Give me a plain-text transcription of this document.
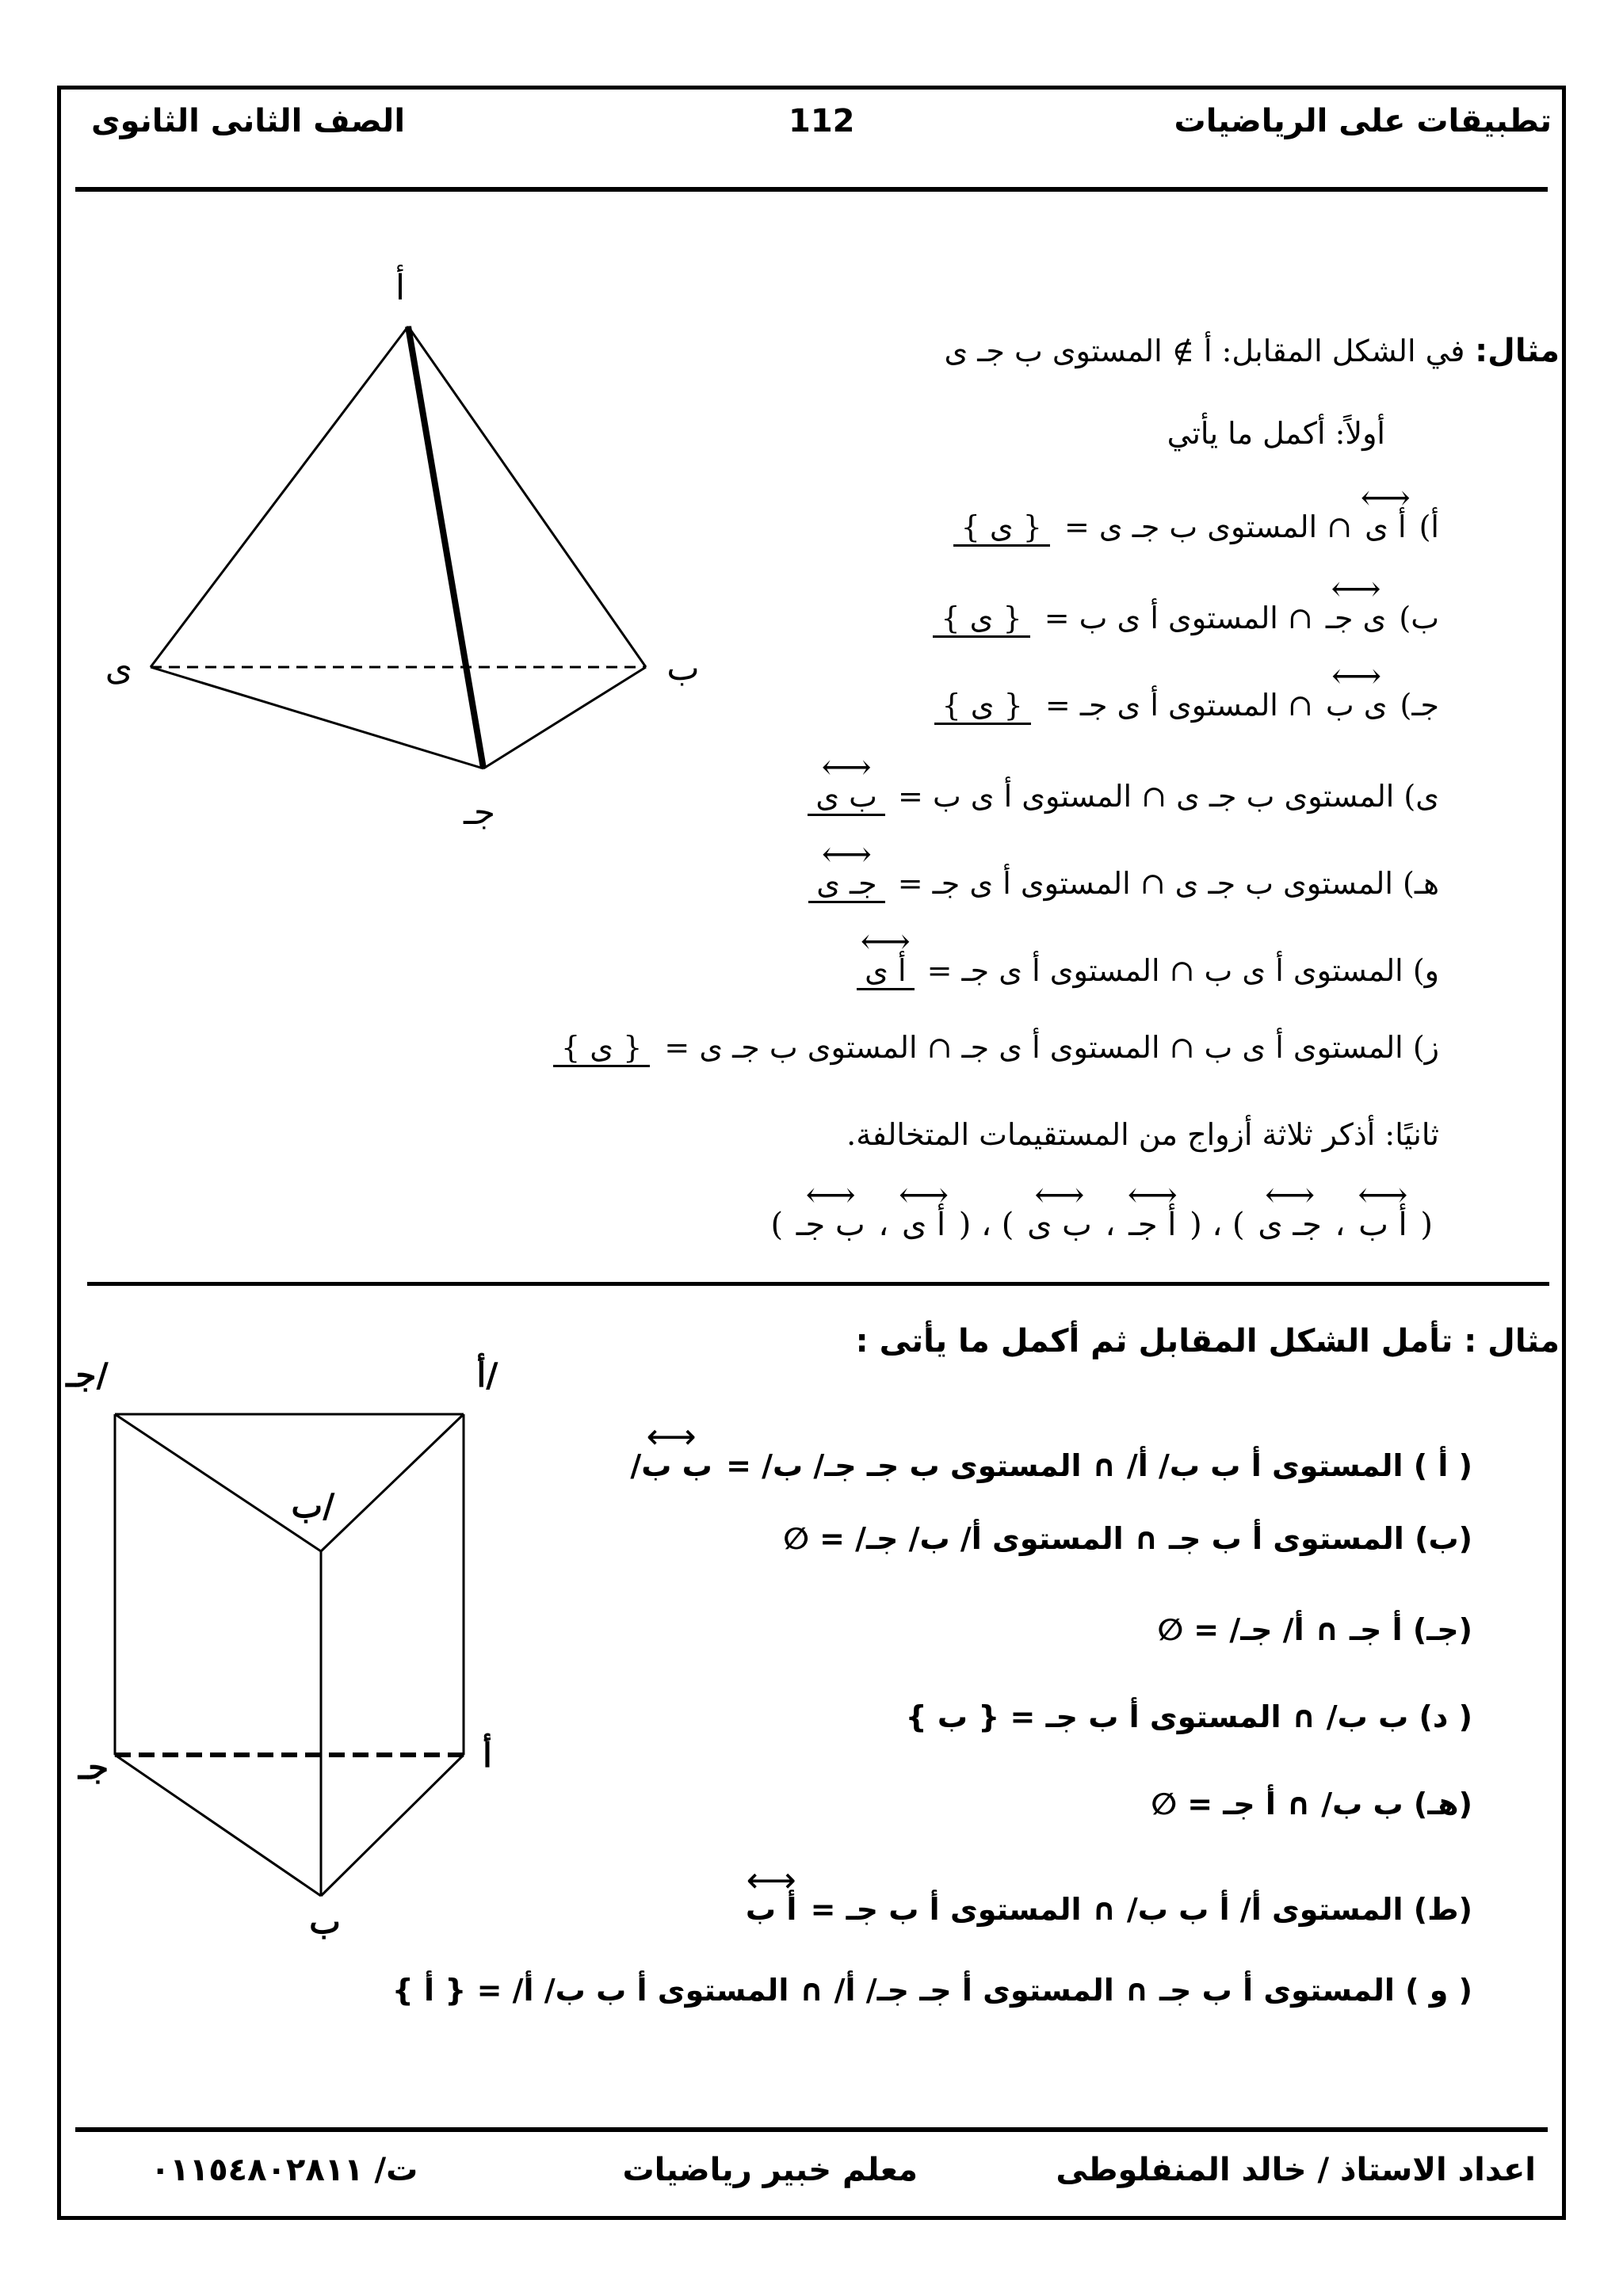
تطبيقات على الرياضيات
112
الصف الثانى الثانوى
أ
ى	ب
جـ
مثال: في الشكل المقابل: أ ∌ المستوى ب جـ ى
أولاً: أكمل ما يأتي
أ) ⟷ أ ى ∩ المستوى ب جـ ى = { ى }
ب) ⟷ ى جـ ∩ المستوى أ ى ب = { ى }
جـ) ⟷ ى ب ∩ المستوى أ ى جـ = { ى }
ى) المستوى ب جـ ى ∩ المستوى أ ى ب = ⟷ ب ى
هـ) المستوى ب جـ ى ∩ المستوى أ ى جـ = ⟷ جـ ى
و) المستوى أ ى ب ∩ المستوى أ ى جـ = ⟷ أ ى
ز) المستوى أ ى ب ∩ المستوى أ ى جـ ∩ المستوى ب جـ ى = { ى }
ثانيًا: أذكر ثلاثة أزواج من المستقيمات المتخالفة.
( ⟷ أ ب ، ⟷ جـ ى ) ، ( ⟷ أ جـ ، ⟷ ب ى ) ، ( ⟷ أ ى ، ⟷ ب جـ )
أ/
جـ/
ب/
أ
جـ
ب
مثال : تأمل الشكل المقابل ثم أكمل ما يأتى :
( أ ) المستوى أ ب ب/ أ/ ∩ المستوى ب جـ جـ/ ب/ = ⟷ ب ب/
(ب) المستوى أ ب جـ ∩ المستوى أ/ ب/ جـ/ = ∅
(جـ) أ جـ ∩ أ/ جـ/ = ∅
( د) ب ب/ ∩ المستوى أ ب جـ = { ب }
(هـ) ب ب/ ∩ أ جـ = ∅
(ط) المستوى أ/ أ ب ب/ ∩ المستوى أ ب جـ = ⟷ أ ب
( و ) المستوى أ ب جـ ∩ المستوى أ جـ جـ/ أ/ ∩ المستوى أ ب ب/ أ/ = { أ }
اعداد الاستاذ / خالد المنفلوطى
معلم خبير رياضيات
ت/ ٠١١٥٤٨٠٢٨١١
